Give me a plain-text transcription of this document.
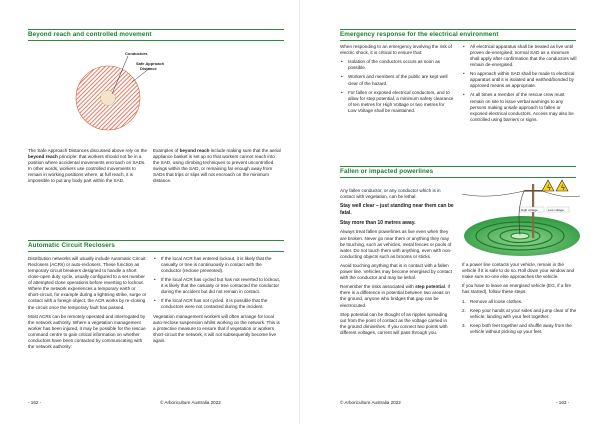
Beyond reach and controlled movement
Conductors
Safe Approach
Distance

The Safe Approach Distances discussed above rely on the beyond reach principle: that workers should not be in a position where accidental movements encroach on SADs. In other words, workers use controlled movements to remain in working positions where, at full reach, it is impossible to put any body part within the SAD.

Examples of beyond reach include making sure that the aerial appliance basket is set up so that workers cannot reach into the SAD, using climbing techniques to prevent uncontrolled swings within the SAD, or remaining far enough away from SADs that trips or slips will not encroach on the minimum distance.

Automatic Circuit Reclosers

Distribution networks will usually include Automatic Circuit Reclosers (ACRs) or auto-reclosers. These function as temporary circuit breakers designed to handle a short close-open duty cycle, usually configured to a set number of attempted close operations before reverting to lockout. Where the network experiences a temporary earth or short-circuit, for example during a lightning strike, surge or contact with a foreign object, the ACR works by re-closing the circuit once the temporary fault has passed.

Most ACRs can be remotely operated and interrogated by the network authority. Where a vegetation management worker has been injured, it may be possible for the rescue command centre to gain critical information on whether conductors have been contacted by communicating with the network authority:

• If the local ACR has entered lockout, it is likely that the casualty or tree is continuously in contact with the conductor (reclose prevented).
• If the local ACR has cycled but has not reverted to lockout, it is likely that the casualty or tree contacted the conductor during the accident but did not remain in contact.
• If the local ACR has not cycled, it is possible that the conductors were not contacted during the incident.

Vegetation management workers will often arrange for local auto-reclose suspension whilst working on the network. This is a protective measure to ensure that if vegetation or workers short-circuit the network, it will not subsequently become live again.

- 162 -	© Arboriculture Australia 2022
Emergency response for the electrical environment

When responding to an emergency involving the risk of electric shock, it is critical to ensure that:

• Isolation of the conductors occurs as soon as possible.
• Workers and members of the public are kept well clear of the hazard.
• For fallen or exposed electrical conductors, and to allow for step potential, a minimum safety clearance of ten metres for High Voltage or two metres for Low Voltage shall be maintained.
• All electrical apparatus shall be treated as live until proven de-energised: normal SAD as a minimum shall apply after confirmation that the conductors will remain de-energised.
• No approach within SAD shall be made to electrical apparatus until it is isolated and earthed/bonded by approved means as appropriate.
• At all times a member of the rescue crew must remain on site to issue verbal warnings to any persons making unsafe approach to fallen or exposed electrical conductors. Access may also be controlled using barriers or signs.
Fallen or impacted powerlines

Any fallen conductor, or any conductor which is in contact with vegetation, can be lethal.

Stay well clear – just standing near them can be fatal.

Stay more than 10 metres away.

Always treat fallen powerlines as live even when they are broken. Never go near them or anything they may be touching, such as vehicles, metal fences or pools of water. Do not touch them with anything, even with non-conducting objects such as brooms or sticks.

Avoid touching anything that is in contact with a fallen power line. Vehicles may become energised by contact with the conductor and may be lethal.

Remember the risks associated with step potential. If there is a difference in potential between two areas on the ground, anyone who bridges that gap can be electrocuted.

Step potential can be thought of as ripples spreading out from the point of contact as the voltage carried in the ground diminishes. If you connect two points with different voltages, current will pass through you.

ϟ ϟ
High voltage	Low voltage

If a power line contacts your vehicle, remain in the vehicle if it is safe to do so. Roll down your window and make sure no-one else approaches the vehicle.

If you have to leave an energised vehicle (EG, if a fire has started), follow these steps:

1. Remove all loose clothes.
2. Keep your hands at your sides and jump clear of the vehicle, landing with your feet together.
3. Keep both feet together and shuffle away from the vehicle without picking up your feet.
© Arboriculture Australia 2022	- 163 -
